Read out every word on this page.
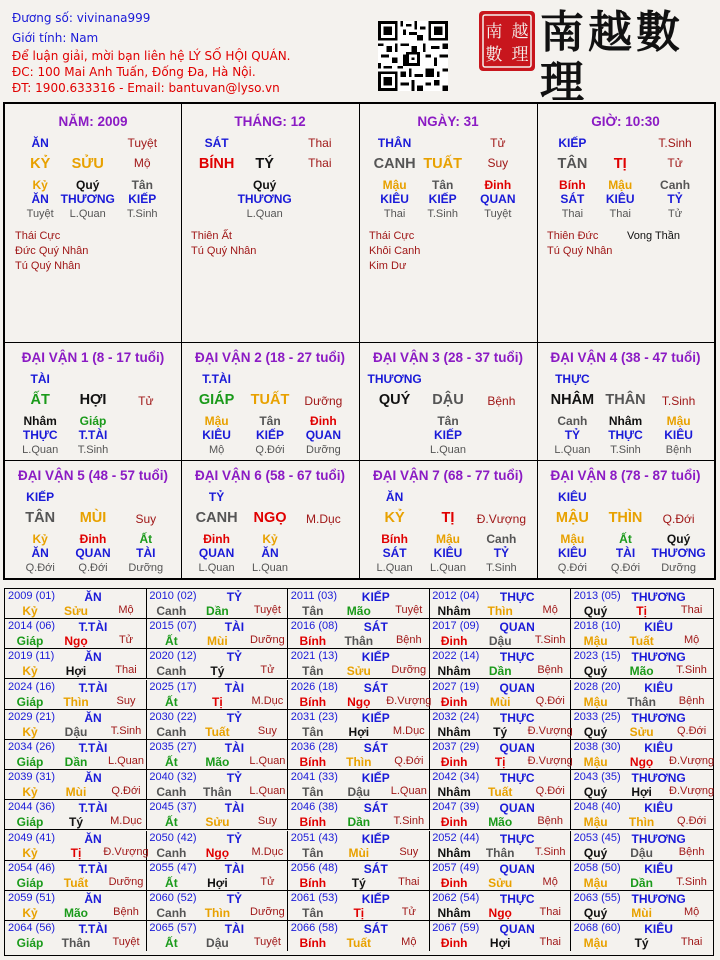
Đương số: vivinana999
Giới tính: Nam
Để luận giải, mời bạn liên hệ LÝ SỐ HỘI QUÁN.
ĐC: 100 Mai Anh Tuấn, Đống Đa, Hà Nội.
ĐT: 1900.633316 - Email: bantuvan@lyso.vn
南 越
數 理 南越數理
NĂM: 2009
ĂN	Tuyệt
KỶ SỬU	Mộ
Kỷ
ĂN
Tuyệt
Quý
THƯƠNG
L.Quan
Tân
KIẾP
T.Sinh
Thái Cực
Đức Quý Nhân
Tú Quý Nhân
THÁNG: 12
SÁT	Thai
BÍNH TÝ	Thai
Quý
THƯƠNG
L.Quan
Thiên Ất
Tú Quý Nhân
NGÀY: 31
THÂN	Tử
CANH TUẤT Suy
Mậu
KIÊU
Thai
Tân
KIẾP
T.Sinh
Đinh
QUAN
Tuyệt
Thái Cực
Khôi Canh
Kim Dư
GIỜ: 10:30
KIẾP	T.Sinh
TÂN TỊ	Tử
Bính
SÁT
Thai
Mậu
KIÊU
Thai
Canh
TỶ
Tử
Thiên Đức
Tú Quý Nhân
Vong Thần
ĐẠI VẬN 1 (8 - 17 tuổi)
TÀI
ẤT HỢI	Tử
Nhâm
THỰC
L.Quan
Giáp
T.TÀI
T.Sinh
ĐẠI VẬN 2 (18 - 27 tuổi)
T.TÀI
GIÁP TUẤT Dưỡng
Mậu
KIÊU
Mộ
Tân
KIẾP
Q.Đới
Đinh
QUAN
Dưỡng
ĐẠI VẬN 3 (28 - 37 tuổi)
THƯƠNG
QUÝ DẬU Bệnh
Tân
KIẾP
L.Quan
ĐẠI VẬN 4 (38 - 47 tuổi)
THỰC
NHÂM THÂN T.Sinh
Canh
TỶ
L.Quan
Nhâm
THỰC
T.Sinh
Mậu
KIÊU
Bệnh
ĐẠI VẬN 5 (48 - 57 tuổi)
KIẾP
TÂN MÙI Suy
Kỷ
ĂN
Q.Đới
Đinh
QUAN
Q.Đới
Ất
TÀI
Dưỡng
ĐẠI VẬN 6 (58 - 67 tuổi)
TỶ
CANH NGỌ M.Dục
Đinh
QUAN
L.Quan
Kỷ
ĂN
L.Quan
ĐẠI VẬN 7 (68 - 77 tuổi)
ĂN
KỶ	TỊ Đ.Vượng
Bính
SÁT
L.Quan
Mậu
KIÊU
L.Quan
Canh
TỶ
T.Sinh
ĐẠI VẬN 8 (78 - 87 tuổi)
KIÊU
MẬU THÌN Q.Đới
Mậu
KIÊU
Q.Đới
Ất
TÀI
Q.Đới
Quý
THƯƠNG
Dưỡng
2009 (01) ĂN
Kỷ Sửu	Mộ
2010 (02)	TỶ
Canh Dần Tuyệt
2011 (03) KIẾP
Tân Mão Tuyệt
2012 (04) THỰC
Nhâm Thìn	Mộ
2013 (05) THƯƠNG
Quý Tị	Thai
2014 (06) T.TÀI
Giáp Ngọ	Tử
2015 (07) TÀI
Ất Mùi Dưỡng
2016 (08) SÁT
Bính Thân Bệnh
2017 (09) QUAN
Đinh Dậu T.Sinh
2018 (10) KIÊU
Mậu Tuất	Mộ
2019 (11)	ĂN
Kỷ Hợi	Thai
2020 (12)	TỶ
Canh Tý	Tử
2021 (13) KIẾP
Tân Sửu Dưỡng
2022 (14) THỰC
Nhâm Dần Bệnh
2023 (15) THƯƠNG
Quý Mão T.Sinh
2024 (16) T.TÀI
Giáp Thìn	Suy
2025 (17) TÀI
Ất	Tị	M.Dục
2026 (18) SÁT
Bính Ngọ Đ.Vượng
2027 (19) QUAN
Đinh Mùi Q.Đới
2028 (20) KIÊU
Mậu Thân Bệnh
2029 (21) ĂN
Kỷ Dậu T.Sinh
2030 (22)	TỶ
Canh Tuất	Suy
2031 (23) KIẾP
Tân Hợi M.Dục
2032 (24) THỰC
Nhâm Tý Đ.Vượng
2033 (25) THƯƠNG
Quý Sửu Q.Đới
2034 (26) T.TÀI
Giáp Dần L.Quan
2035 (27) TÀI
Ất Mão L.Quan
2036 (28) SÁT
Bính Thìn Q.Đới
2037 (29) QUAN
Đinh Tị Đ.Vượng
2038 (30) KIÊU
Mậu Ngọ Đ.Vượng
2039 (31) ĂN
Kỷ Mùi Q.Đới
2040 (32)	TỶ
Canh Thân L.Quan
2041 (33) KIẾP
Tân Dậu L.Quan
2042 (34) THỰC
Nhâm Tuất Q.Đới
2043 (35) THƯƠNG
Quý Hợi Đ.Vượng
2044 (36) T.TÀI
Giáp Tý M.Dục
2045 (37) TÀI
Ất Sửu	Suy
2046 (38) SÁT
Bính Dần T.Sinh
2047 (39) QUAN
Đinh Mão Bệnh
2048 (40) KIÊU
Mậu Thìn Q.Đới
2049 (41) ĂN
Kỷ	Tị Đ.Vượng
2050 (42)	TỶ
Canh Ngọ M.Dục
2051 (43) KIẾP
Tân Mùi	Suy
2052 (44) THỰC
Nhâm Thân T.Sinh
2053 (45) THƯƠNG
Quý Dậu Bệnh
2054 (46) T.TÀI
Giáp Tuất Dưỡng
2055 (47) TÀI
Ất Hợi	Tử
2056 (48) SÁT
Bính Tý	Thai
2057 (49) QUAN
Đinh Sửu	Mộ
2058 (50) KIÊU
Mậu Dần T.Sinh
2059 (51) ĂN
Kỷ Mão Bệnh
2060 (52)	TỶ
Canh Thìn Dưỡng
2061 (53) KIẾP
Tân Tị	Tử
2062 (54) THỰC
Nhâm Ngọ	Thai
2063 (55) THƯƠNG
Quý Mùi	Mộ
2064 (56) T.TÀI
Giáp Thân Tuyệt
2065 (57) TÀI
Ất Dậu Tuyệt
2066 (58) SÁT
Bính Tuất	Mộ
2067 (59) QUAN
Đinh Hợi	Thai
2068 (60) KIÊU
Mậu Tý	Thai
